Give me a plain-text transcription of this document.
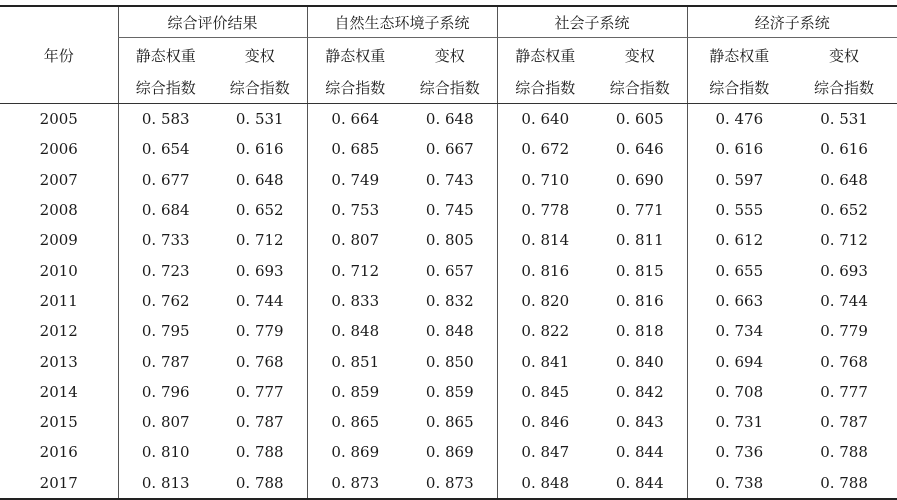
年份	综合评价结果		自然生态环境子系统		社会子系统		经济子系统	
	静态权重	变权	静态权重	变权	静态权重	变权	静态权重	变权
	综合指数	综合指数	综合指数	综合指数	综合指数	综合指数	综合指数	综合指数
2005	0. 583	0. 531	0. 664	0. 648	0. 640	0. 605	0. 476	0. 531
2006	0. 654	0. 616	0. 685	0. 667	0. 672	0. 646	0. 616	0. 616
2007	0. 677	0. 648	0. 749	0. 743	0. 710	0. 690	0. 597	0. 648
2008	0. 684	0. 652	0. 753	0. 745	0. 778	0. 771	0. 555	0. 652
2009	0. 733	0. 712	0. 807	0. 805	0. 814	0. 811	0. 612	0. 712
2010	0. 723	0. 693	0. 712	0. 657	0. 816	0. 815	0. 655	0. 693
2011	0. 762	0. 744	0. 833	0. 832	0. 820	0. 816	0. 663	0. 744
2012	0. 795	0. 779	0. 848	0. 848	0. 822	0. 818	0. 734	0. 779
2013	0. 787	0. 768	0. 851	0. 850	0. 841	0. 840	0. 694	0. 768
2014	0. 796	0. 777	0. 859	0. 859	0. 845	0. 842	0. 708	0. 777
2015	0. 807	0. 787	0. 865	0. 865	0. 846	0. 843	0. 731	0. 787
2016	0. 810	0. 788	0. 869	0. 869	0. 847	0. 844	0. 736	0. 788
2017	0. 813	0. 788	0. 873	0. 873	0. 848	0. 844	0. 738	0. 788
